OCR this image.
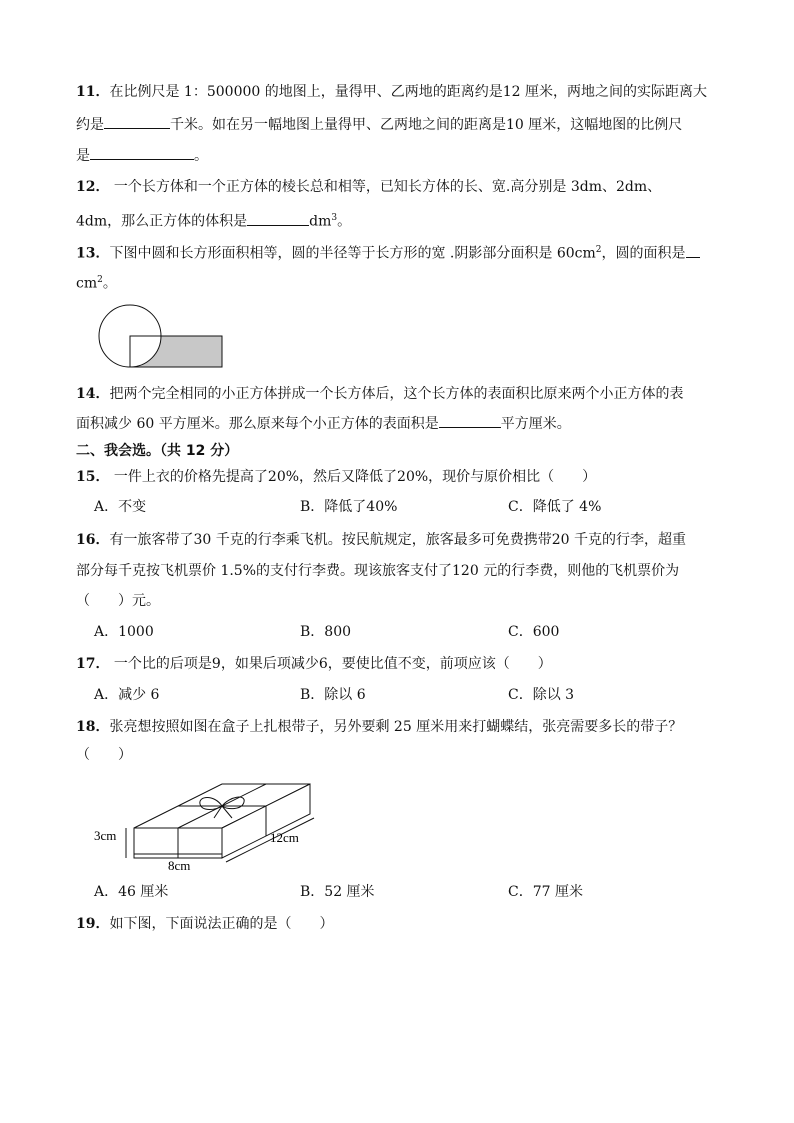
11．在比例尺是 1：500000 的地图上，量得甲、乙两地的距离约是12 厘米，两地之间的实际距离大
约是	千米。如在另一幅地图上量得甲、乙两地之间的距离是10 厘米，这幅地图的比例尺
是	。
12． 一个长方体和一个正方体的棱长总和相等，已知长方体的长、宽.高分别是 3dm、2dm、
4dm，那么正方体的体积是	$dm^3$。
13．下图中圆和长方形面积相等，圆的半径等于长方形的宽 .阴影部分面积是 $60cm^2$，圆的面积是
$cm^2$。
14．把两个完全相同的小正方体拼成一个长方体后，这个长方体的表面积比原来两个小正方体的表
面积减少 60 平方厘米。那么原来每个小正方体的表面积是	平方厘米。
二、我会选。（共 12 分）
15． 一件上衣的价格先提高了20%，然后又降低了20%，现价与原价相比（　　）
A．不变	B．降低了40%	C．降低了 4%
16．有一旅客带了30 千克的行李乘飞机。按民航规定，旅客最多可免费携带20 千克的行李，超重
部分每千克按飞机票价 1.5%的支付行李费。现该旅客支付了120 元的行李费，则他的飞机票价为
（　　）元。
A．1000	B．800	C．600
17． 一个比的后项是9，如果后项减少6，要使比值不变，前项应该（　　）
A．减少 6	B．除以 6	C．除以 3
18．张亮想按照如图在盒子上扎根带子，另外要剩 25 厘米用来打蝴蝶结，张亮需要多长的带子？
（　　）
3cm
8cm
12cm
A．46 厘米	B．52 厘米	C．77 厘米
19．如下图，下面说法正确的是（　　）
